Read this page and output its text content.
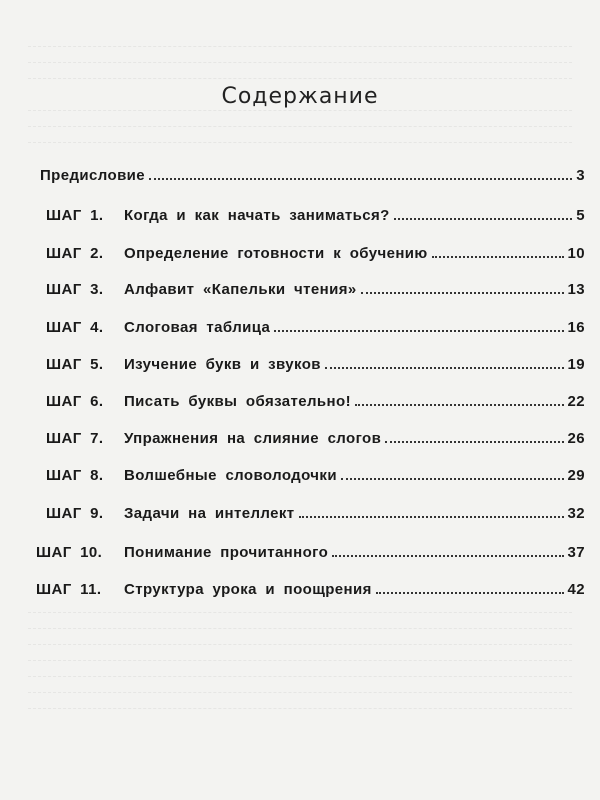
Содержание
Предисловие	3
ШАГ 1.	Когда и как начать заниматься?	5
ШАГ 2.	Определение готовности к обучению	10
ШАГ 3.	Алфавит «Капельки чтения»	13
ШАГ 4.	Слоговая таблица	16
ШАГ 5.	Изучение букв и звуков	19
ШАГ 6.	Писать буквы обязательно!	22
ШАГ 7.	Упражнения на слияние слогов	26
ШАГ 8.	Волшебные словолодочки	29
ШАГ 9.	Задачи на интеллект	32
ШАГ 10.	Понимание прочитанного	37
ШАГ 11.	Структура урока и поощрения	42
